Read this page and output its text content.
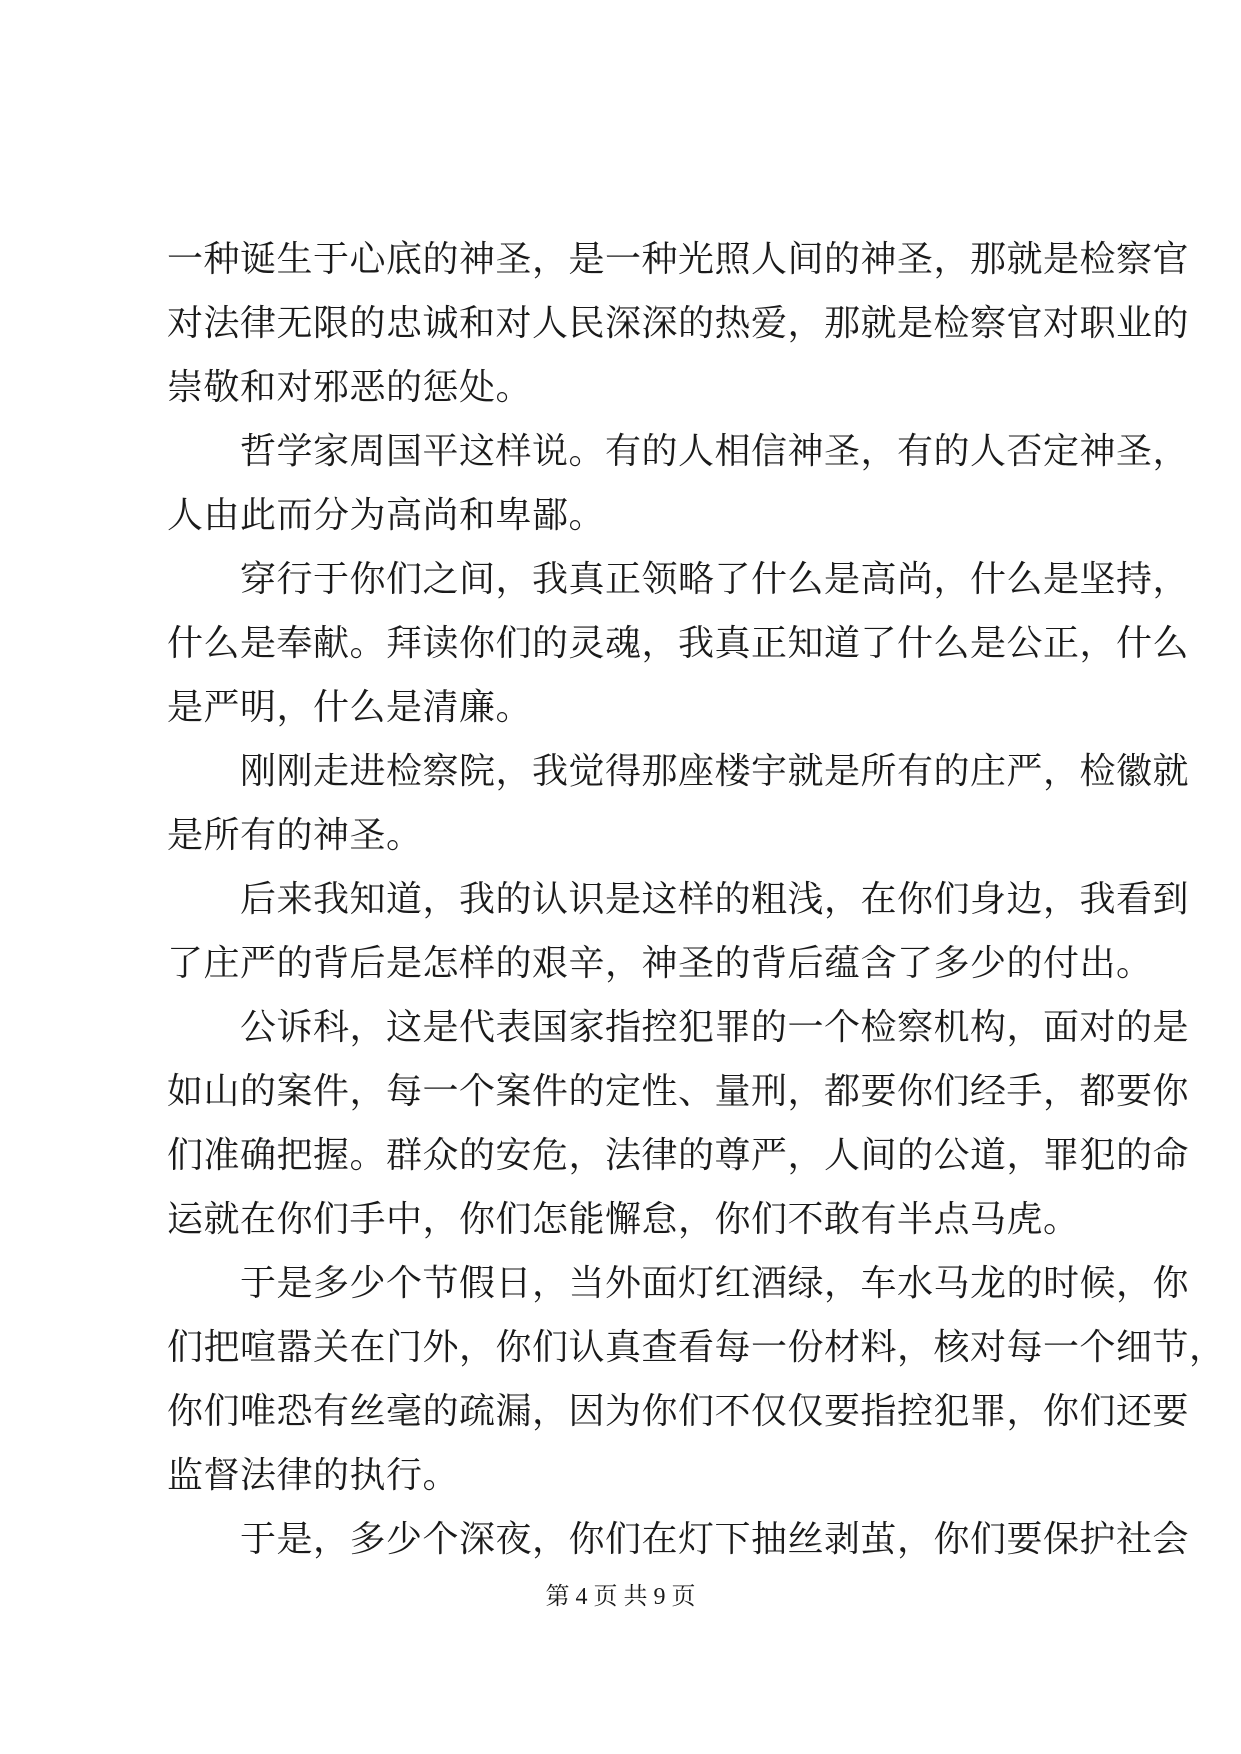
一种诞生于心底的神圣，是一种光照人间的神圣，那就是检察官
对法律无限的忠诚和对人民深深的热爱，那就是检察官对职业的
崇敬和对邪恶的惩处。
　　哲学家周国平这样说。有的人相信神圣，有的人否定神圣，
人由此而分为高尚和卑鄙。
　　穿行于你们之间，我真正领略了什么是高尚，什么是坚持，
什么是奉献。拜读你们的灵魂，我真正知道了什么是公正，什么
是严明，什么是清廉。
　　刚刚走进检察院，我觉得那座楼宇就是所有的庄严，检徽就
是所有的神圣。
　　后来我知道，我的认识是这样的粗浅，在你们身边，我看到
了庄严的背后是怎样的艰辛，神圣的背后蕴含了多少的付出。
　　公诉科，这是代表国家指控犯罪的一个检察机构，面对的是
如山的案件，每一个案件的定性、量刑，都要你们经手，都要你
们准确把握。群众的安危，法律的尊严，人间的公道，罪犯的命
运就在你们手中，你们怎能懈怠，你们不敢有半点马虎。
　　于是多少个节假日，当外面灯红酒绿，车水马龙的时候，你
们把喧嚣关在门外，你们认真查看每一份材料，核对每一个细节，
你们唯恐有丝毫的疏漏，因为你们不仅仅要指控犯罪，你们还要
监督法律的执行。
　　于是，多少个深夜，你们在灯下抽丝剥茧，你们要保护社会
第 4 页 共 9 页
